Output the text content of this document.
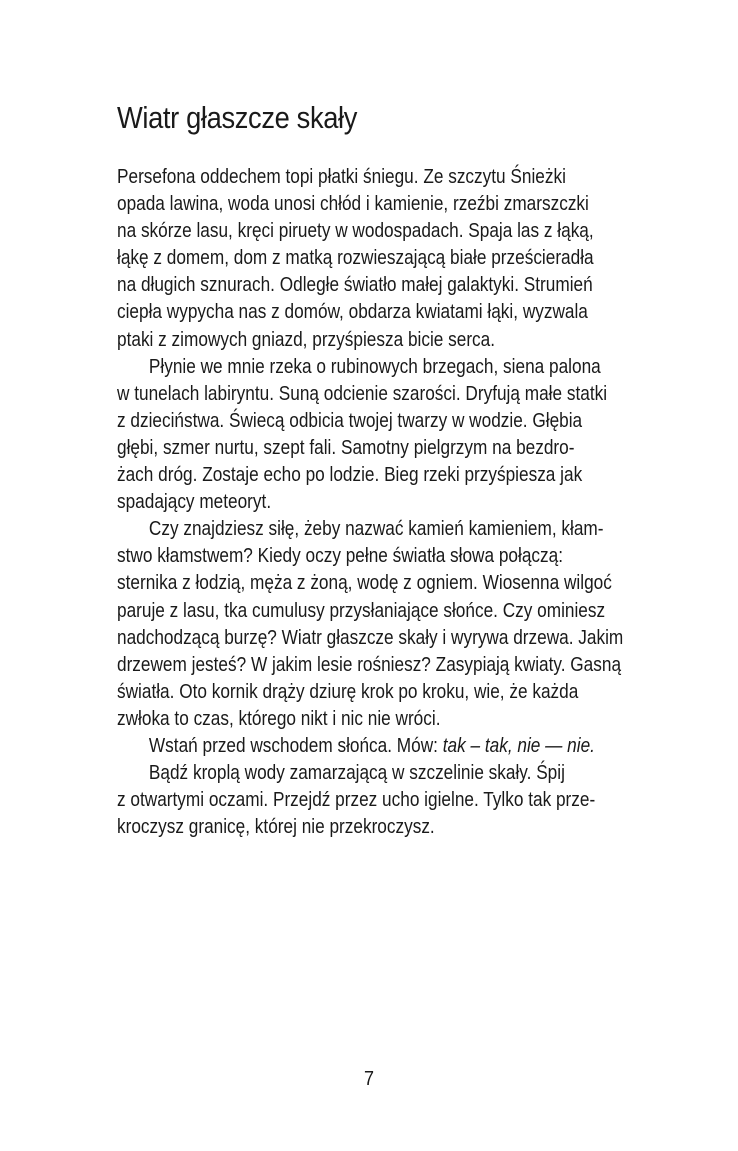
Wiatr głaszcze skały
Persefona oddechem topi płatki śniegu. Ze szczytu Śnieżki
opada lawina, woda unosi chłód i kamienie, rzeźbi zmarszczki
na skórze lasu, kręci piruety w wodospadach. Spaja las z łąką,
łąkę z domem, dom z matką rozwieszającą białe prześcieradła
na długich sznurach. Odległe światło małej galaktyki. Strumień
ciepła wypycha nas z domów, obdarza kwiatami łąki, wyzwala
ptaki z zimowych gniazd, przyśpiesza bicie serca.
Płynie we mnie rzeka o rubinowych brzegach, siena palona
w tunelach labiryntu. Suną odcienie szarości. Dryfują małe statki
z dzieciństwa. Świecą odbicia twojej twarzy w wodzie. Głębia
głębi, szmer nurtu, szept fali. Samotny pielgrzym na bezdro-
żach dróg. Zostaje echo po lodzie. Bieg rzeki przyśpiesza jak
spadający meteoryt.
Czy znajdziesz siłę, żeby nazwać kamień kamieniem, kłam-
stwo kłamstwem? Kiedy oczy pełne światła słowa połączą:
sternika z łodzią, męża z żoną, wodę z ogniem. Wiosenna wilgoć
paruje z lasu, tka cumulusy przysłaniające słońce. Czy ominiesz
nadchodzącą burzę? Wiatr głaszcze skały i wyrywa drzewa. Jakim
drzewem jesteś? W jakim lesie rośniesz? Zasypiają kwiaty. Gasną
światła. Oto kornik drąży dziurę krok po kroku, wie, że każda
zwłoka to czas, którego nikt i nic nie wróci.
Wstań przed wschodem słońca. Mów: tak – tak, nie — nie.
Bądź kroplą wody zamarzającą w szczelinie skały. Śpij
z otwartymi oczami. Przejdź przez ucho igielne. Tylko tak prze-
kroczysz granicę, której nie przekroczysz.
7
